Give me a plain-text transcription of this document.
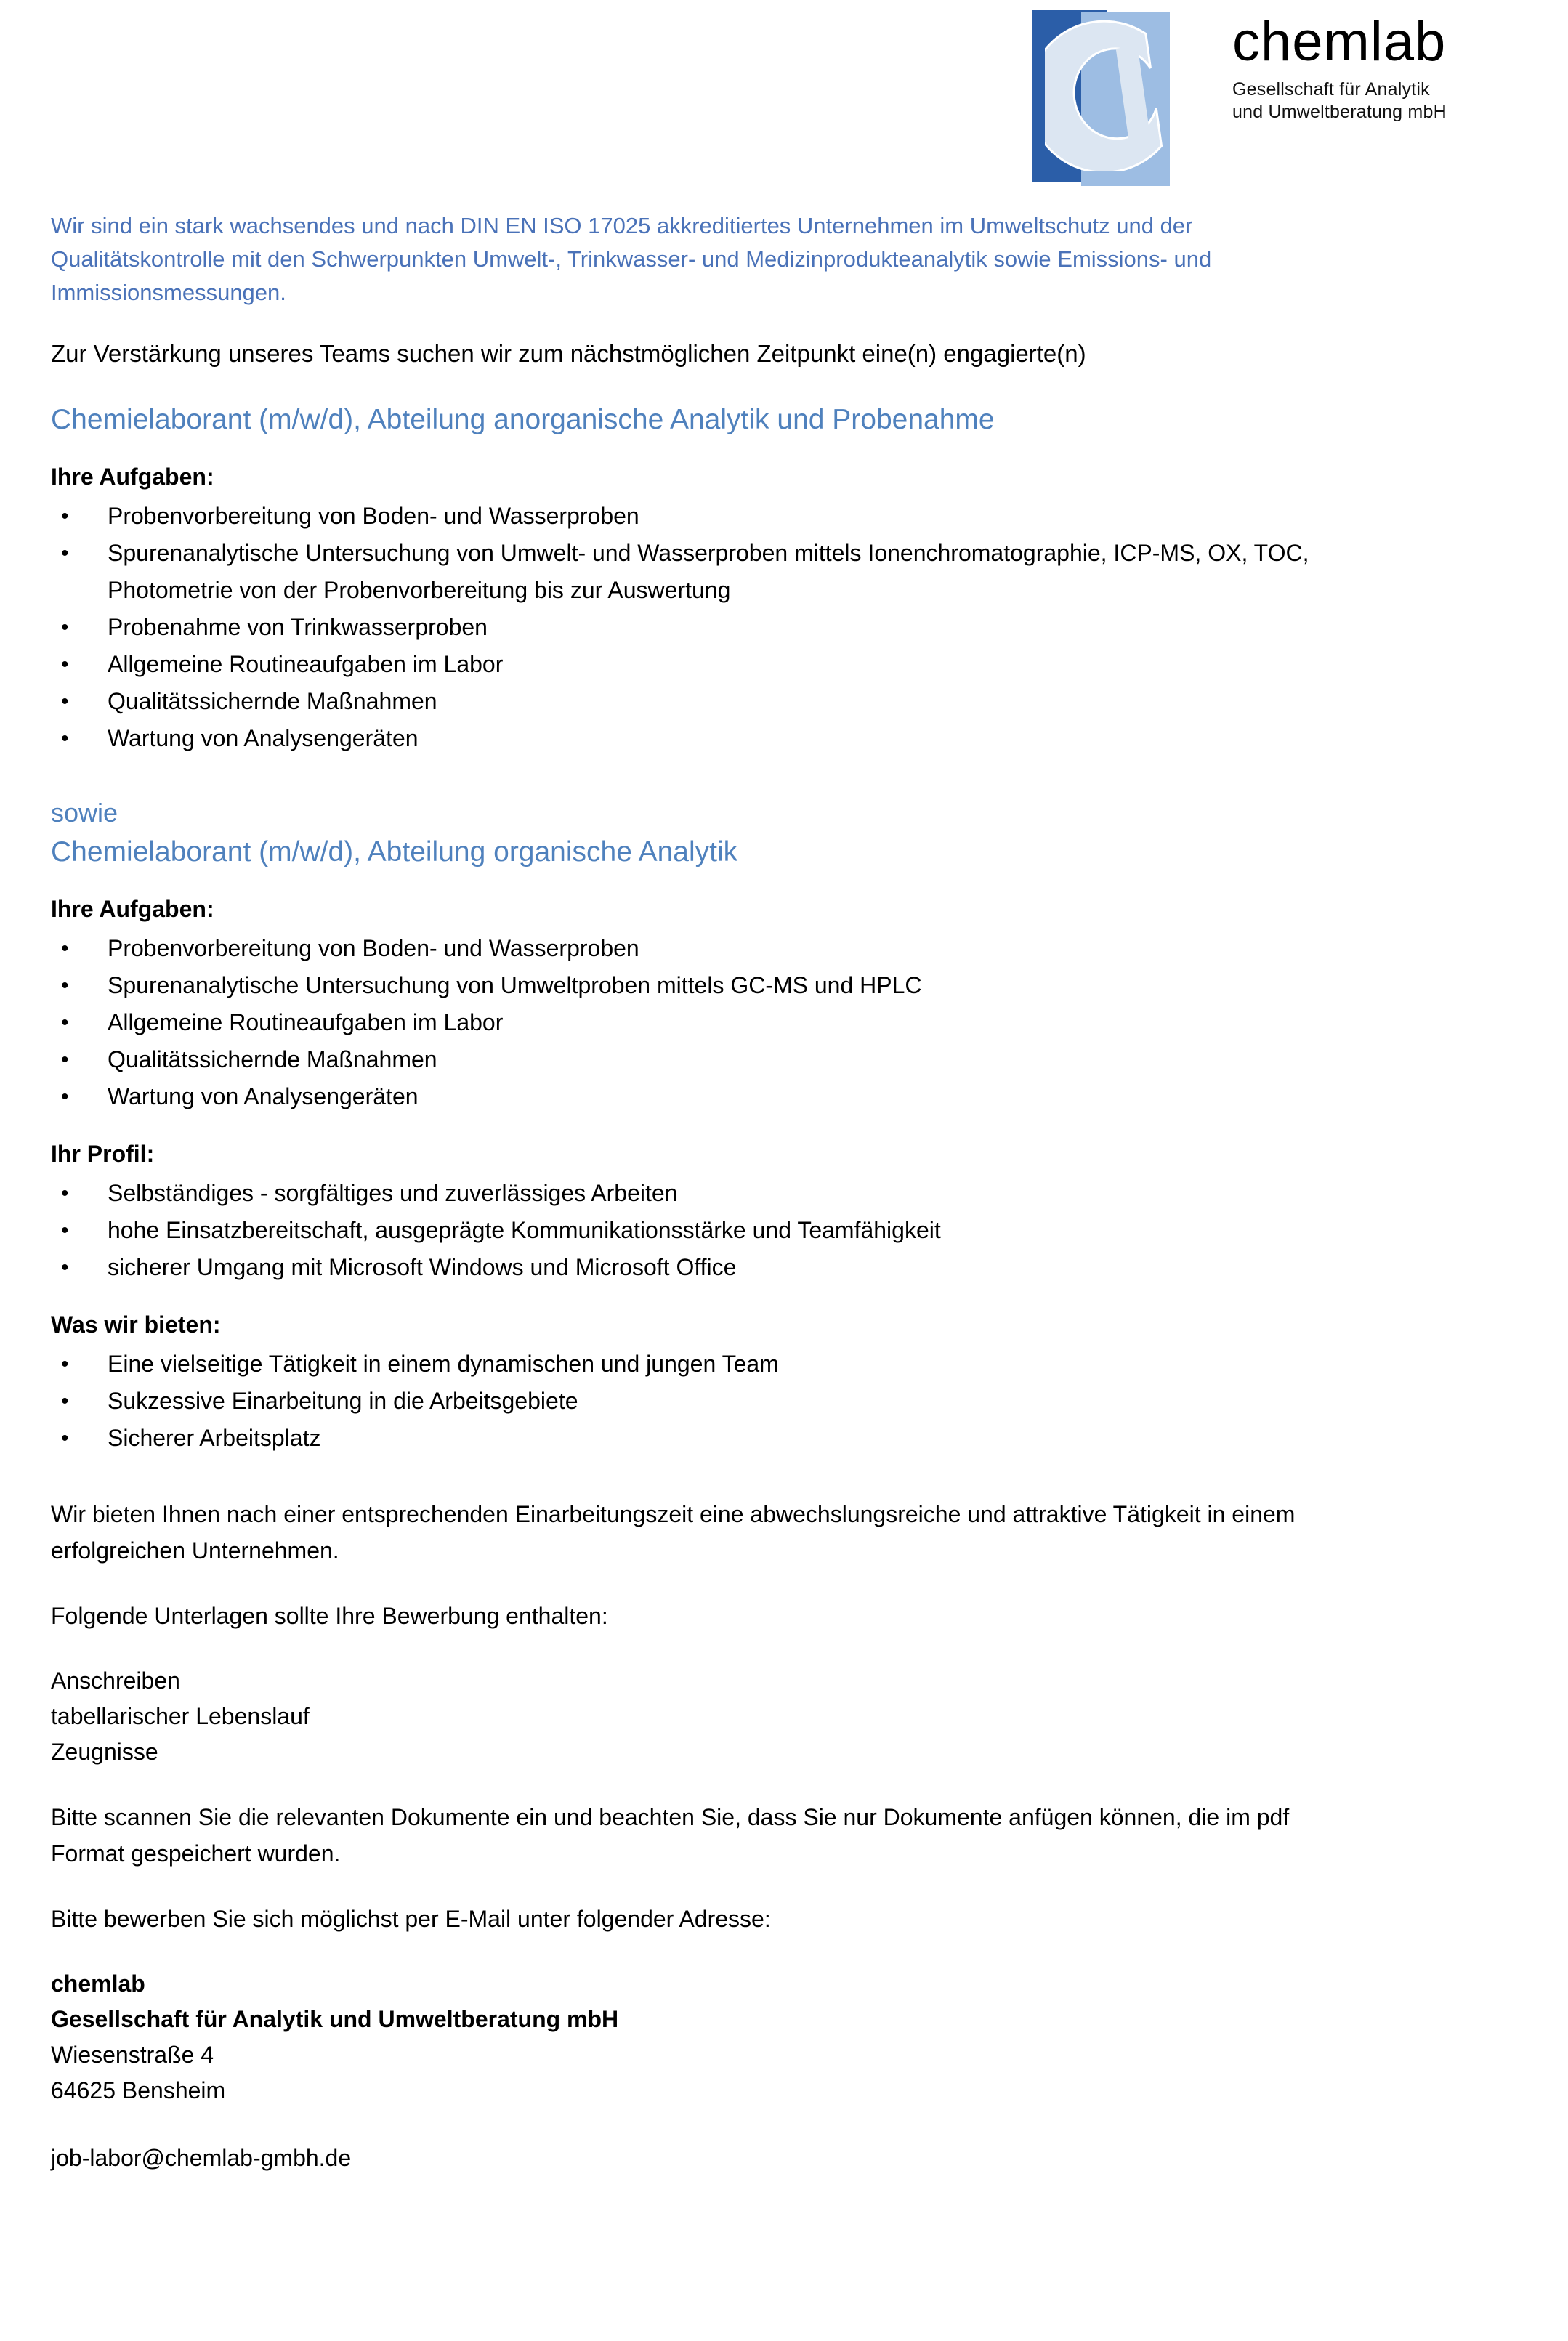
chemlab
Gesellschaft für Analytik
und Umweltberatung mbH

Wir sind ein stark wachsendes und nach DIN EN ISO 17025 akkreditiertes Unternehmen im Umweltschutz und der Qualitätskontrolle mit den Schwerpunkten Umwelt-, Trinkwasser- und Medizinprodukteanalytik sowie Emissions- und Immissionsmessungen.

Zur Verstärkung unseres Teams suchen wir zum nächstmöglichen Zeitpunkt eine(n) engagierte(n)

Chemielaborant (m/w/d), Abteilung anorganische Analytik und Probenahme
Ihre Aufgaben:
• Probenvorbereitung von Boden- und Wasserproben
• Spurenanalytische Untersuchung von Umwelt- und Wasserproben mittels Ionenchromatographie, ICP-MS, OX, TOC, Photometrie von der Probenvorbereitung bis zur Auswertung
• Probenahme von Trinkwasserproben
• Allgemeine Routineaufgaben im Labor
• Qualitätssichernde Maßnahmen
• Wartung von Analysengeräten
sowie
Chemielaborant (m/w/d), Abteilung organische Analytik
Ihre Aufgaben:
• Probenvorbereitung von Boden- und Wasserproben
• Spurenanalytische Untersuchung von Umweltproben mittels GC-MS und HPLC
• Allgemeine Routineaufgaben im Labor
• Qualitätssichernde Maßnahmen
• Wartung von Analysengeräten
Ihr Profil:
• Selbständiges - sorgfältiges und zuverlässiges Arbeiten
• hohe Einsatzbereitschaft, ausgeprägte Kommunikationsstärke und Teamfähigkeit
• sicherer Umgang mit Microsoft Windows und Microsoft Office
Was wir bieten:
• Eine vielseitige Tätigkeit in einem dynamischen und jungen Team
• Sukzessive Einarbeitung in die Arbeitsgebiete
• Sicherer Arbeitsplatz

Wir bieten Ihnen nach einer entsprechenden Einarbeitungszeit eine abwechslungsreiche und attraktive Tätigkeit in einem erfolgreichen Unternehmen.

Folgende Unterlagen sollte Ihre Bewerbung enthalten:

Anschreiben
tabellarischer Lebenslauf
Zeugnisse

Bitte scannen Sie die relevanten Dokumente ein und beachten Sie, dass Sie nur Dokumente anfügen können, die im pdf Format gespeichert wurden.

Bitte bewerben Sie sich möglichst per E-Mail unter folgender Adresse:

chemlab
Gesellschaft für Analytik und Umweltberatung mbH
Wiesenstraße 4
64625 Bensheim
job-labor@chemlab-gmbh.de
